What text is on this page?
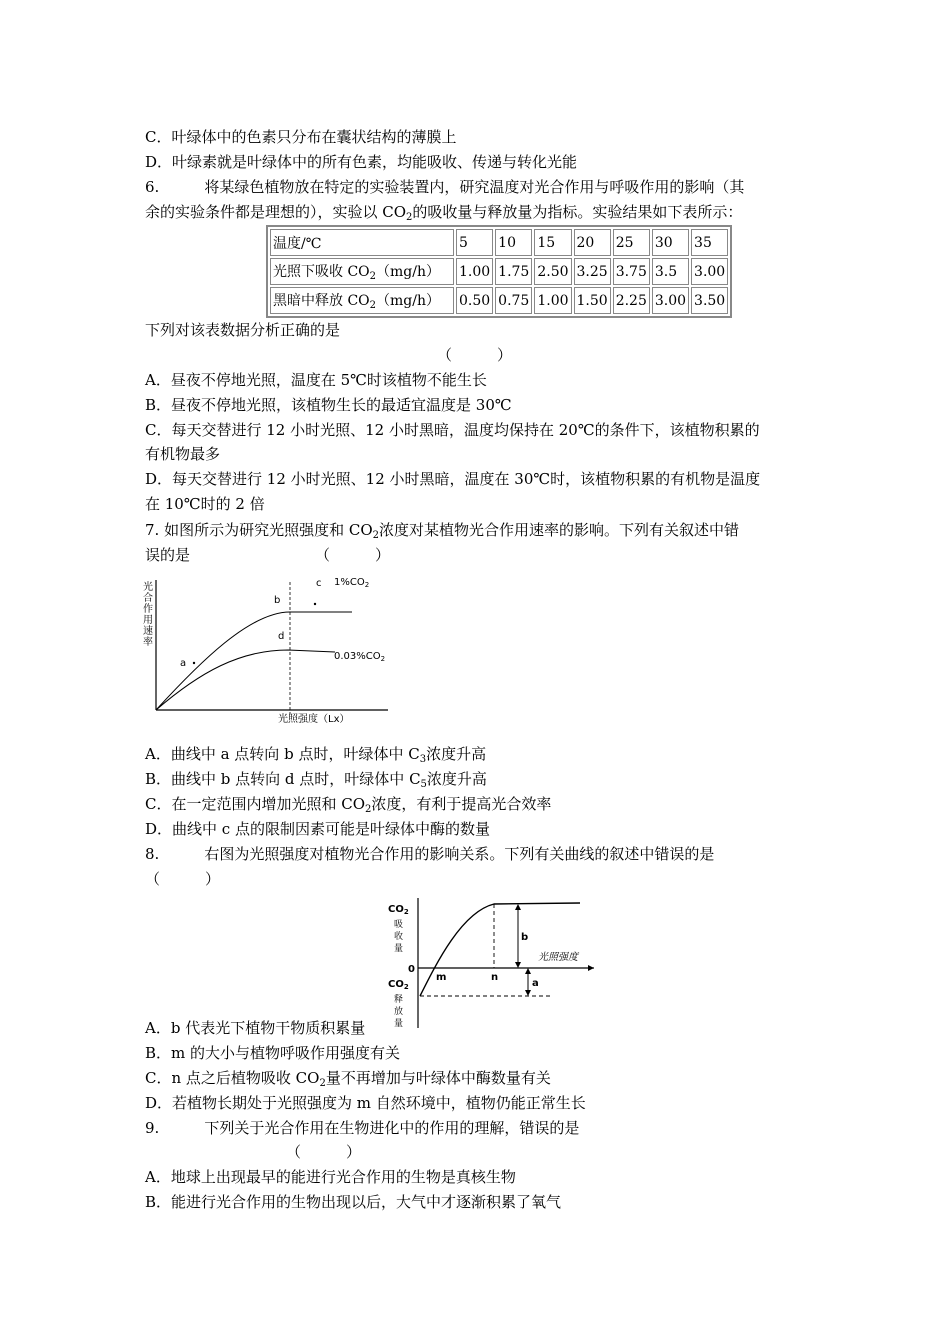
C．叶绿体中的色素只分布在囊状结构的薄膜上
D．叶绿素就是叶绿体中的所有色素，均能吸收、传递与转化光能
6.	将某绿色植物放在特定的实验装置内，研究温度对光合作用与呼吸作用的影响（其
余的实验条件都是理想的），实验以 $CO_2$的吸收量与释放量为指标。实验结果如下表所示：
温度/℃	5	10	15	20	25	30	35
光照下吸收 $CO_2(mg/h)$	1.00	1.75	2.50	3.25	3.75	3.5	3.00
黑暗中释放 $CO_2(mg/h)$	0.50	0.75	1.00	1.50	2.25	3.00	3.50
下列对该表数据分析正确的是
（　　　）
A．昼夜不停地光照，温度在 5℃时该植物不能生长
B．昼夜不停地光照，该植物生长的最适宜温度是 30℃
C．每天交替进行 12 小时光照、12 小时黑暗，温度均保持在 20℃的条件下，该植物积累的
有机物最多
D．每天交替进行 12 小时光照、12 小时黑暗，温度在 30℃时，该植物积累的有机物是温度
在 10℃时的 2 倍
7. 如图所示为研究光照强度和 $CO_2$浓度对某植物光合作用速率的影响。下列有关叙述中错
误的是	（　　　）
光
合
作
用
速
率
a
b
c
d
$1\%CO_2$
$0.03\%CO_2$
光照强度（Lx）
A．曲线中 a 点转向 b 点时，叶绿体中 $C_3$浓度升高
B．曲线中 b 点转向 d 点时，叶绿体中 $C_5$浓度升高
C．在一定范围内增加光照和 $CO_2$浓度，有利于提高光合效率
D．曲线中 c 点的限制因素可能是叶绿体中酶的数量
8.	右图为光照强度对植物光合作用的影响关系。下列有关曲线的叙述中错误的是
（　　　）
$CO_2$
吸
收
量
$CO_2$
释
放
量
0
m	n
光照强度
b
a
A．b 代表光下植物干物质积累量
B．m 的大小与植物呼吸作用强度有关
C．n 点之后植物吸收 $CO_2$量不再增加与叶绿体中酶数量有关
D．若植物长期处于光照强度为 m 自然环境中，植物仍能正常生长
9.	下列关于光合作用在生物进化中的作用的理解，错误的是
（　　　）
A．地球上出现最早的能进行光合作用的生物是真核生物
B．能进行光合作用的生物出现以后，大气中才逐渐积累了氧气
